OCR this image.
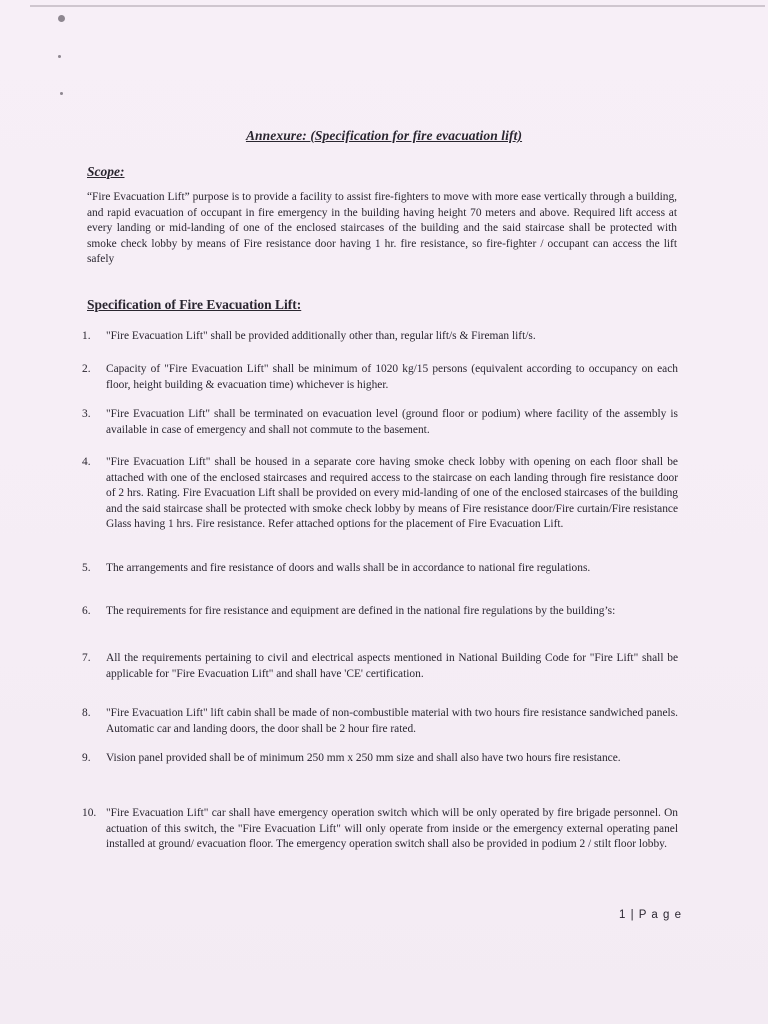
Annexure: (Specification for fire evacuation lift)
Scope:
“Fire Evacuation Lift” purpose is to provide a facility to assist fire-fighters to move with more ease vertically through a building, and rapid evacuation of occupant in fire emergency in the building having height 70 meters and above. Required lift access at every landing or mid-landing of one of the enclosed staircases of the building and the said staircase shall be protected with smoke check lobby by means of Fire resistance door having 1 hr. fire resistance, so fire-fighter / occupant can access the lift safely
Specification of Fire Evacuation Lift:
1.	"Fire Evacuation Lift" shall be provided additionally other than, regular lift/s & Fireman lift/s.
2.	Capacity of "Fire Evacuation Lift" shall be minimum of 1020 kg/15 persons (equivalent according to occupancy on each floor, height building & evacuation time) whichever is higher.
3.	"Fire Evacuation Lift" shall be terminated on evacuation level (ground floor or podium) where facility of the assembly is available in case of emergency and shall not commute to the basement.
4.	"Fire Evacuation Lift" shall be housed in a separate core having smoke check lobby with opening on each floor shall be attached with one of the enclosed staircases and required access to the staircase on each landing through fire resistance door of 2 hrs. Rating. Fire Evacuation Lift shall be provided on every mid-landing of one of the enclosed staircases of the building and the said staircase shall be protected with smoke check lobby by means of Fire resistance door/Fire curtain/Fire resistance Glass having 1 hrs. Fire resistance. Refer attached options for the placement of Fire Evacuation Lift.
5.	The arrangements and fire resistance of doors and walls shall be in accordance to national fire regulations.
6.	The requirements for fire resistance and equipment are defined in the national fire regulations by the building’s:
7.	All the requirements pertaining to civil and electrical aspects mentioned in National Building Code for "Fire Lift" shall be applicable for "Fire Evacuation Lift" and shall have 'CE' certification.
8.	"Fire Evacuation Lift" lift cabin shall be made of non-combustible material with two hours fire resistance sandwiched panels. Automatic car and landing doors, the door shall be 2 hour fire rated.
9.	Vision panel provided shall be of minimum 250 mm x 250 mm size and shall also have two hours fire resistance.
10. "Fire Evacuation Lift" car shall have emergency operation switch which will be only operated by fire brigade personnel. On actuation of this switch, the "Fire Evacuation Lift" will only operate from inside or the emergency external operating panel installed at ground/ evacuation floor. The emergency operation switch shall also be provided in podium 2 / stilt floor lobby.
1 | P a g e
